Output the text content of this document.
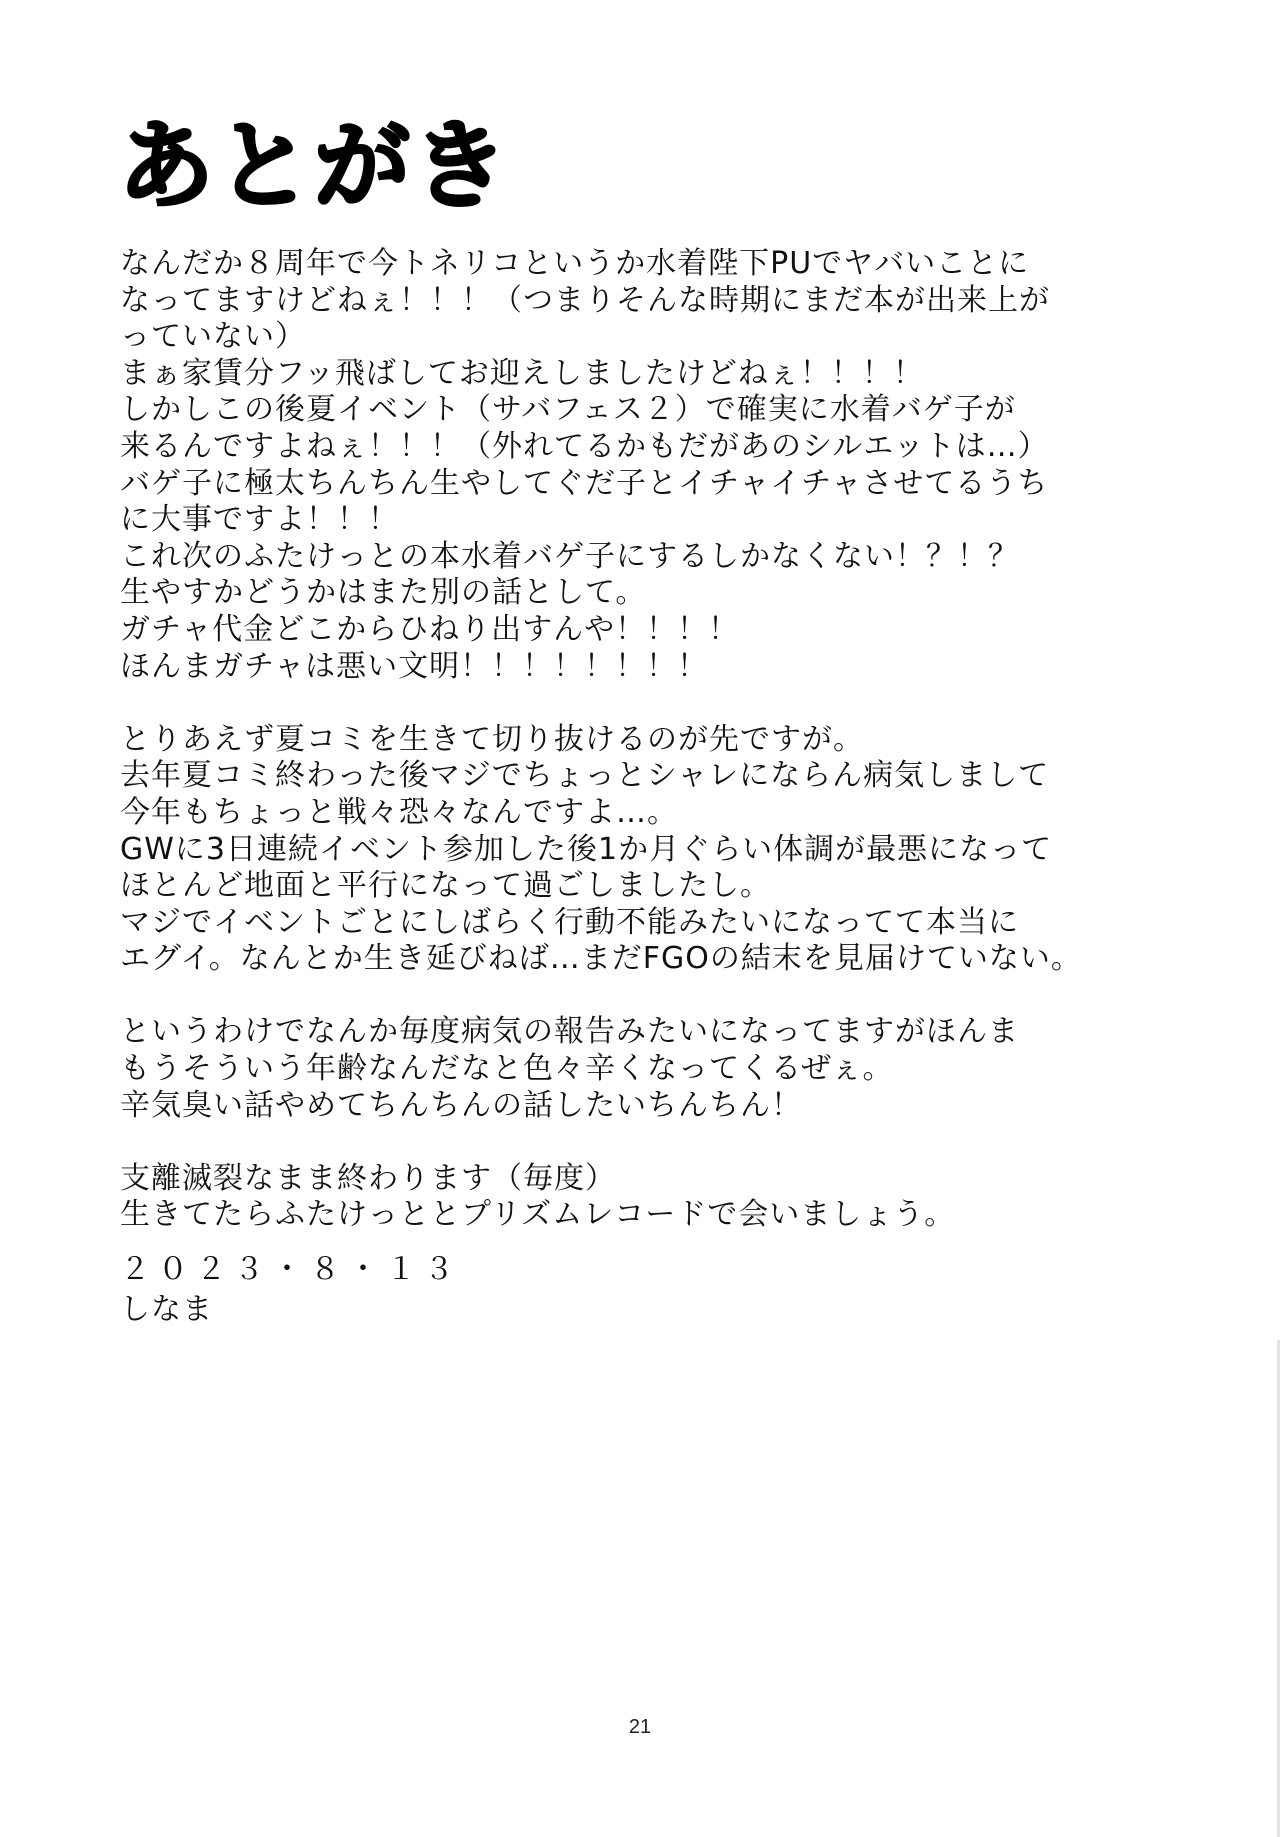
あとがき

なんだか８周年で今トネリコというか水着陛下PUでヤバいことに
なってますけどねぇ！！！（つまりそんな時期にまだ本が出来上が
っていない）
まぁ家賃分フッ飛ばしてお迎えしましたけどねぇ！！！！
しかしこの後夏イベント（サバフェス２）で確実に水着バゲ子が
来るんですよねぇ！！！（外れてるかもだがあのシルエットは…）
バゲ子に極太ちんちん生やしてぐだ子とイチャイチャさせてるうち
に大事ですよ！！！
これ次のふたけっとの本水着バゲ子にするしかなくない！？！？
生やすかどうかはまた別の話として。
ガチャ代金どこからひねり出すんや！！！！
ほんまガチャは悪い文明！！！！！！！！

とりあえず夏コミを生きて切り抜けるのが先ですが。
去年夏コミ終わった後マジでちょっとシャレにならん病気しまして
今年もちょっと戦々恐々なんですよ…。
GWに3日連続イベント参加した後1か月ぐらい体調が最悪になって
ほとんど地面と平行になって過ごしましたし。
マジでイベントごとにしばらく行動不能みたいになってて本当に
エグイ。なんとか生き延びねば…まだFGOの結末を見届けていない。

というわけでなんか毎度病気の報告みたいになってますがほんま
もうそういう年齢なんだなと色々辛くなってくるぜぇ。
辛気臭い話やめてちんちんの話したいちんちん！

支離滅裂なまま終わります（毎度）
生きてたらふたけっととプリズムレコードで会いましょう。

２０２３・８・１３
しなま
21
